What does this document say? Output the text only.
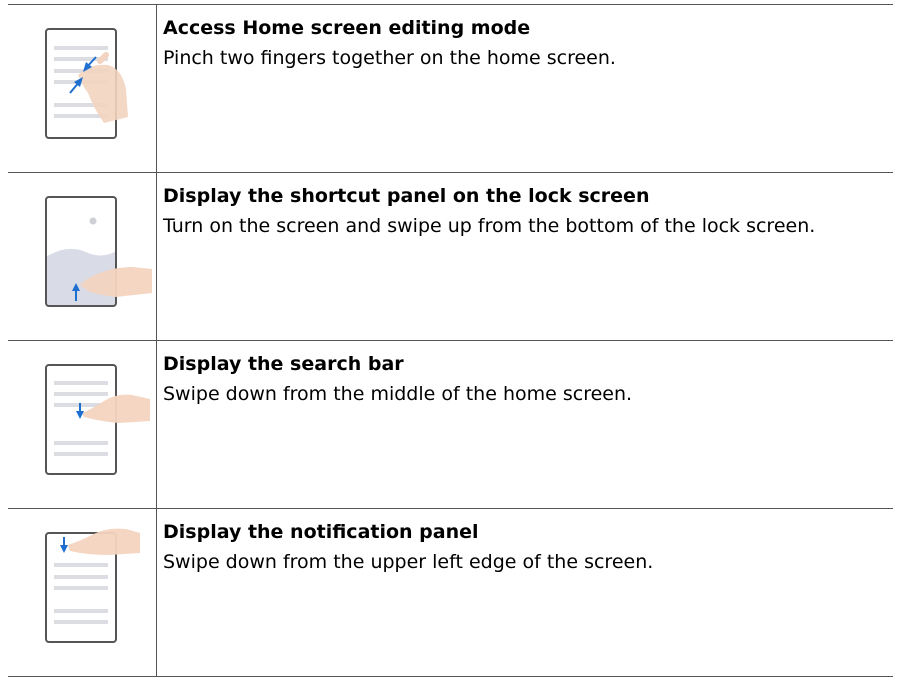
Access Home screen editing mode

Pinch two fingers together on the home screen.

Display the shortcut panel on the lock screen

Turn on the screen and swipe up from the bottom of the lock screen.

Display the search bar

Swipe down from the middle of the home screen.

Display the notification panel

Swipe down from the upper left edge of the screen.
